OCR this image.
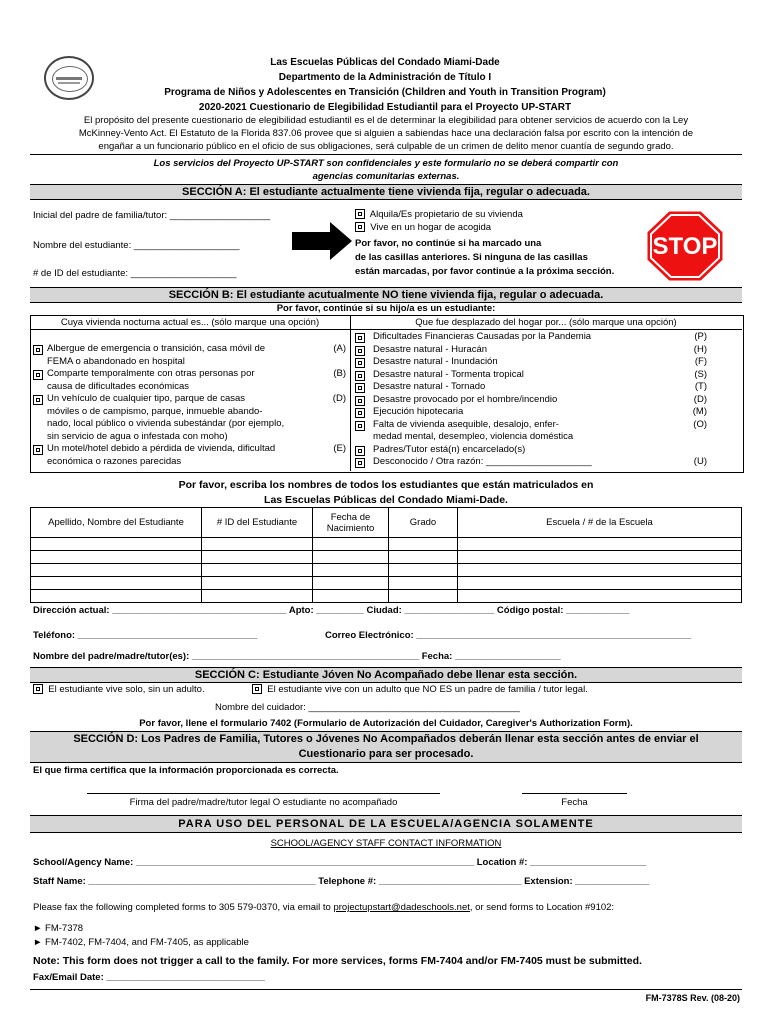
Las Escuelas Públicas del Condado Miami-Dade
Departmento de la Administración de Título I
Programa de Niños y Adolescentes en Transición (Children and Youth in Transition Program)
2020-2021 Cuestionario de Elegibilidad Estudiantil para el Proyecto UP-START
El propósito del presente cuestionario de elegibilidad estudiantil es el de determinar la elegibilidad para obtener servicios de acuerdo con la Ley
McKinney-Vento Act. El Estatuto de la Florida 837.06 provee que si alguien a sabiendas hace una declaración falsa por escrito con la intención de
engañar a un funcionario público en el oficio de sus obligaciones, será culpable de un crimen de delito menor cuantía de segundo grado.
Los servicios del Proyecto UP-START son confidenciales y este formulario no se deberá compartir con
agencias comunitarias externas.
SECCIÓN A: El estudiante actualmente tiene vivienda fija, regular o adecuada.
Inicial del padre de familia/tutor: ___________________
Nombre del estudiante: ____________________
# de ID del estudiante: ____________________
Alquila/Es propietario de su vivienda
Vive en un hogar de acogida
Por favor, no continúe si ha marcado una
de las casillas anteriores. Si ninguna de las casillas
están marcadas, por favor continúe a la próxima sección.
STOP
SECCIÓN B: El estudiante acutualmente NO tiene vivienda fija, regular o adecuada.
Por favor, continúe si su hijo/a es un estudiante:
Cuya vivienda nocturna actual es... (sólo marque una opción)	Que fue desplazado del hogar por... (sólo marque una opción)
Albergue de emergencia o transición, casa móvil de
FEMA o abandonado en hospital
(A)
Comparte temporalmente con otras personas por
causa de dificultades económicas
(B)
Un vehículo de cualquier tipo, parque de casas
móviles o de campismo, parque, inmueble abando-
nado, local público o vivienda subestándar (por ejemplo,
sin servicio de agua o infestada con moho)
(D)
Un motel/hotel debido a pérdida de vivienda, dificultad
económica o razones parecidas
(E)
Dificultades Financieras Causadas por la Pandemia	(P)
Desastre natural - Huracán	(H)
Desastre natural - Inundación	(F)
Desastre natural - Tormenta tropical	(S)
Desastre natural - Tornado	(T)
Desastre provocado por el hombre/incendio	(D)
Ejecución hipotecaria	(M)
Falta de vivienda asequible, desalojo, enfer-	(O)
medad mental, desempleo, violencia doméstica
Padres/Tutor está(n) encarcelado(s)
Desconocido / Otra razón: ____________________	(U)
Por favor, escriba los nombres de todos los estudiantes que están matriculados en
Las Escuelas Públicas del Condado Miami-Dade.
Apellido, Nombre del Estudiante	# ID del Estudiante	Fecha de Nacimiento	Grado	Escuela / # de la Escuela

Dirección actual: _________________________________ Apto: _________ Ciudad: _________________ Código postal: ____________
Teléfono: __________________________________	Correo Electrónico: ____________________________________________________
Nombre del padre/madre/tutor(es): ___________________________________________ Fecha: ____________________
SECCIÓN C: Estudiante Jóven No Acompañado debe llenar esta sección.
El estudiante vive solo, sin un adulto.	El estudiante vive con un adulto que NO ES un padre de familia / tutor legal.
Nombre del cuidador: ________________________________________
Por favor, llene el formulario 7402 (Formulario de Autorización del Cuidador, Caregiver's Authorization Form).
SECCIÓN D: Los Padres de Familia, Tutores o Jóvenes No Acompañados deberán llenar esta sección antes de enviar el
Cuestionario para ser procesado.
El que firma certifica que la información proporcionada es correcta.
Firma del padre/madre/tutor legal O estudiante no acompañado	Fecha
PARA USO DEL PERSONAL DE LA ESCUELA/AGENCIA SOLAMENTE
SCHOOL/AGENCY STAFF CONTACT INFORMATION
School/Agency Name: ________________________________________________________________ Location #: ______________________
Staff Name: ___________________________________________ Telephone #: ___________________________ Extension: ______________
Please fax the following completed forms to 305 579-0370, via email to projectupstart@dadeschools.net, or send forms to Location #9102:
► FM-7378
► FM-7402, FM-7404, and FM-7405, as applicable
Note: This form does not trigger a call to the family. For more services, forms FM-7404 and/or FM-7405 must be submitted.
Fax/Email Date: ______________________________
FM-7378S Rev. (08-20)
